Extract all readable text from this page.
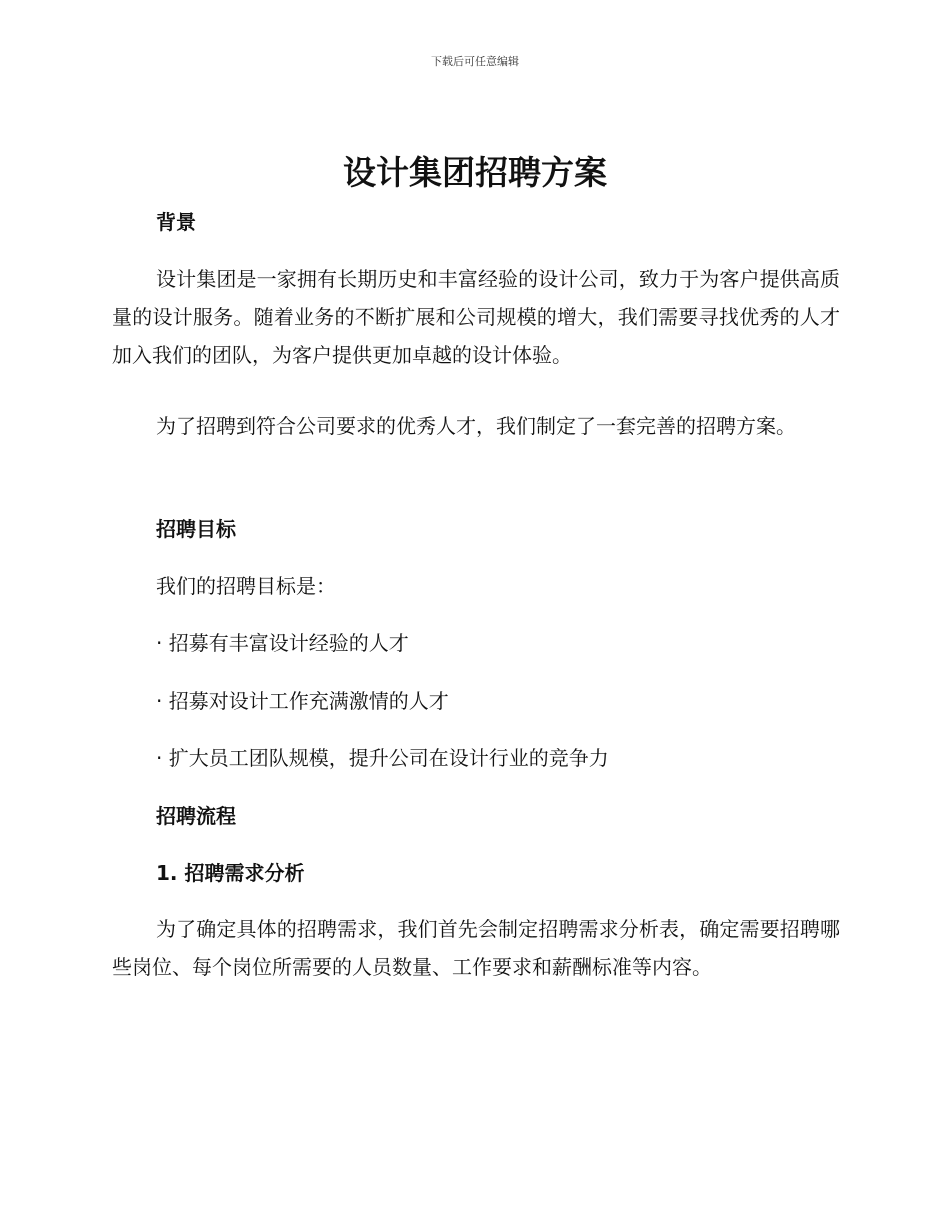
下载后可任意编辑
设计集团招聘方案
背景
设计集团是一家拥有长期历史和丰富经验的设计公司，致力于为客户提供高质量的设计服务。随着业务的不断扩展和公司规模的增大，我们需要寻找优秀的人才加入我们的团队，为客户提供更加卓越的设计体验。
为了招聘到符合公司要求的优秀人才，我们制定了一套完善的招聘方案。
招聘目标
我们的招聘目标是：
· 招募有丰富设计经验的人才
· 招募对设计工作充满激情的人才
· 扩大员工团队规模，提升公司在设计行业的竞争力
招聘流程
1. 招聘需求分析
为了确定具体的招聘需求，我们首先会制定招聘需求分析表，确定需要招聘哪些岗位、每个岗位所需要的人员数量、工作要求和薪酬标准等内容。
